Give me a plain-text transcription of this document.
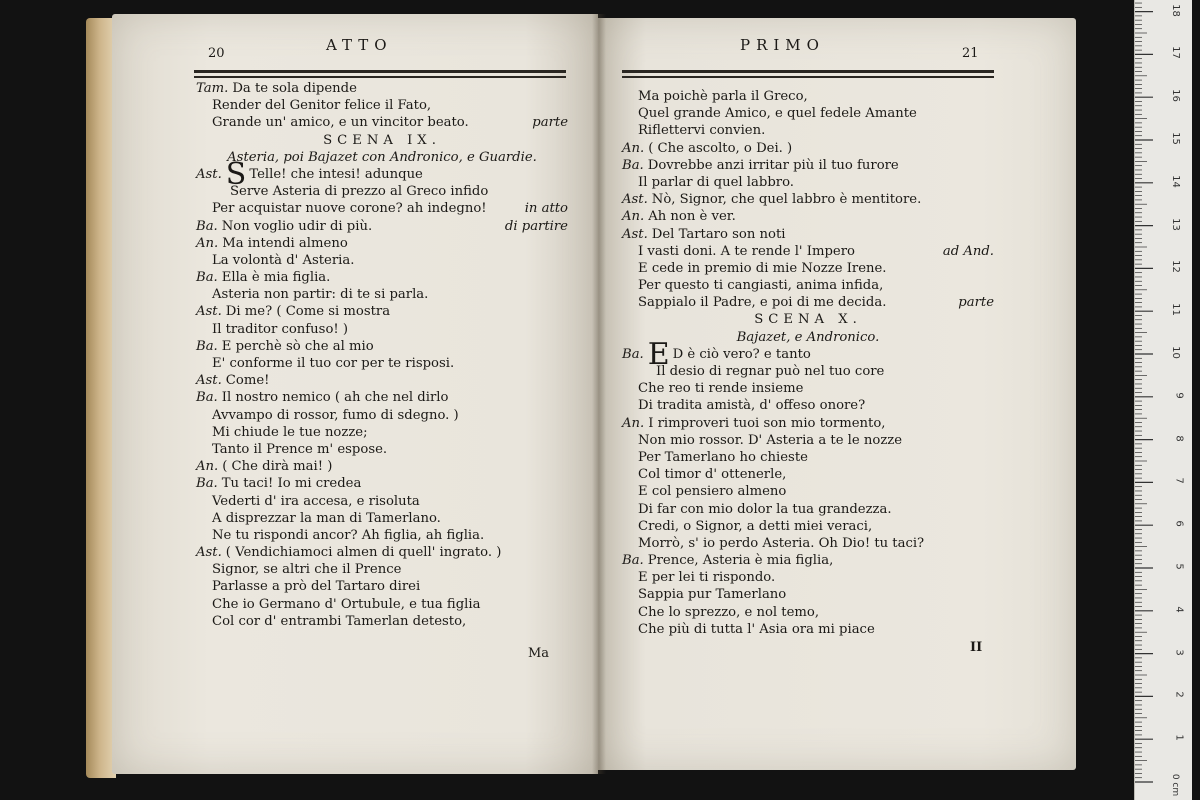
20	ATTO	PRIMO	21
Tam. Da te sola dipende
Render del Genitor felice il Fato,
Grande un' amico, e un vincitor beato.	parte
SCENA IX.
Asteria, poi Bajazet con Andronico, e Guardie.
Ast. S Telle! che intesi! adunque
Serve Asteria di prezzo al Greco infido
Per acquistar nuove corone? ah indegno!	in atto
Ba. Non voglio udir di più.	di partire
An. Ma intendi almeno
La volontà d' Asteria.
Ba. Ella è mia figlia.
Asteria non partir: di te si parla.
Ast. Di me? ( Come si mostra
Il traditor confuso! )
Ba. E perchè sò che al mio
E' conforme il tuo cor per te risposi.
Ast. Come!
Ba. Il nostro nemico ( ah che nel dirlo
Avvampo di rossor, fumo di sdegno. )
Mi chiude le tue nozze;
Tanto il Prence m' espose.
An. ( Che dirà mai! )
Ba. Tu taci! Io mi credea
Vederti d' ira accesa, e risoluta
A disprezzar la man di Tamerlano.
Ne tu rispondi ancor? Ah figlia, ah figlia.
Ast. ( Vendichiamoci almen di quell' ingrato. )
Signor, se altri che il Prence
Parlasse a prò del Tartaro direi
Che io Germano d' Ortubule, e tua figlia
Col cor d' entrambi Tamerlan detesto,
Ma poichè parla il Greco,
Quel grande Amico, e quel fedele Amante
Riflettervi convien.
An. ( Che ascolto, o Dei. )
Ba. Dovrebbe anzi irritar più il tuo furore
Il parlar di quel labbro.
Ast. Nò, Signor, che quel labbro è mentitore.
An. Ah non è ver.
Ast. Del Tartaro son noti
I vasti doni. A te rende l' Impero	ad And.
E cede in premio di mie Nozze Irene.
Per questo ti cangiasti, anima infida,
Sappialo il Padre, e poi di me decida.	parte
SCENA X.
Bajazet, e Andronico.
Ba. E D è ciò vero? e tanto
Il desio di regnar può nel tuo core
Che reo ti rende insieme
Di tradita amistà, d' offeso onore?
An. I rimproveri tuoi son mio tormento,
Non mio rossor. D' Asteria a te le nozze
Per Tamerlano ho chieste
Col timor d' ottenerle,
E col pensiero almeno
Di far con mio dolor la tua grandezza.
Credi, o Signor, a detti miei veraci,
Morrò, s' io perdo Asteria. Oh Dio! tu taci?
Ba. Prence, Asteria è mia figlia,
E per lei ti rispondo.
Sappia pur Tamerlano
Che lo sprezzo, e nol temo,
Che più di tutta l' Asia ora mi piace
Ma	II
0 cm
1
2
3
4
5
6
7
8
9
10
11
12
13
14
15
16
17
18
